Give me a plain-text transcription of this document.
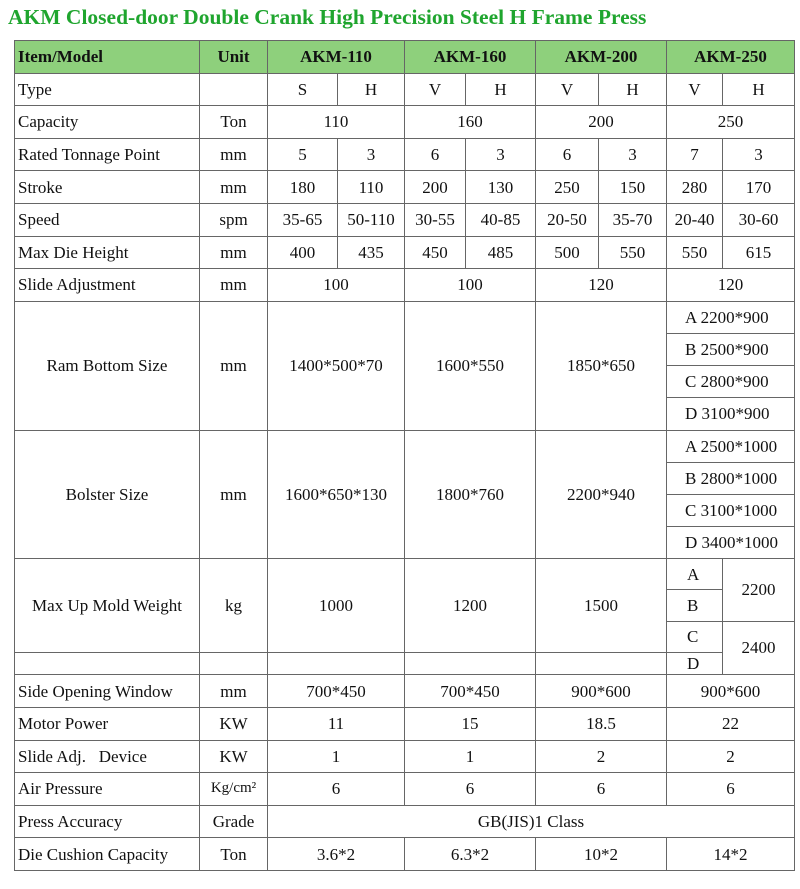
AKM Closed-door Double Crank High Precision Steel H Frame Press
Item/Model	Unit	AKM-110		AKM-160		AKM-200		AKM-250	
Type		S	H	V	H	V	H	V	H
Capacity	Ton	110		160		200		250	
Rated Tonnage Point	mm	5	3	6	3	6	3	7	3
Stroke	mm	180	110	200	130	250	150	280	170
Speed	spm	35-65	50-110	30-55	40-85	20-50	35-70	20-40	30-60
Max Die Height	mm	400	435	450	485	500	550	550	615
Slide Adjustment	mm	100		100		120		120	
Ram Bottom Size	mm	1400*500*70		1600*550		1850*650		A 2200*900	
								B 2500*900	
								C 2800*900	
								D 3100*900	
Bolster Size	mm	1600*650*130		1800*760		2200*940		A 2500*1000	
								B 2800*1000	
								C 3100*1000	
								D 3400*1000	
Max Up Mold Weight	kg	1000		1200		1500		A	2200
								B	
								C	2400
								D	
Side Opening Window	mm	700*450		700*450		900*600		900*600	
Motor Power	KW	11		15		18.5		22	
Slide Adj.   Device	KW	1		1		2		2	
Air Pressure	Kg/cm²	6		6		6		6	
Press Accuracy	Grade	GB(JIS)1 Class							
Die Cushion Capacity	Ton	3.6*2		6.3*2		10*2		14*2	
